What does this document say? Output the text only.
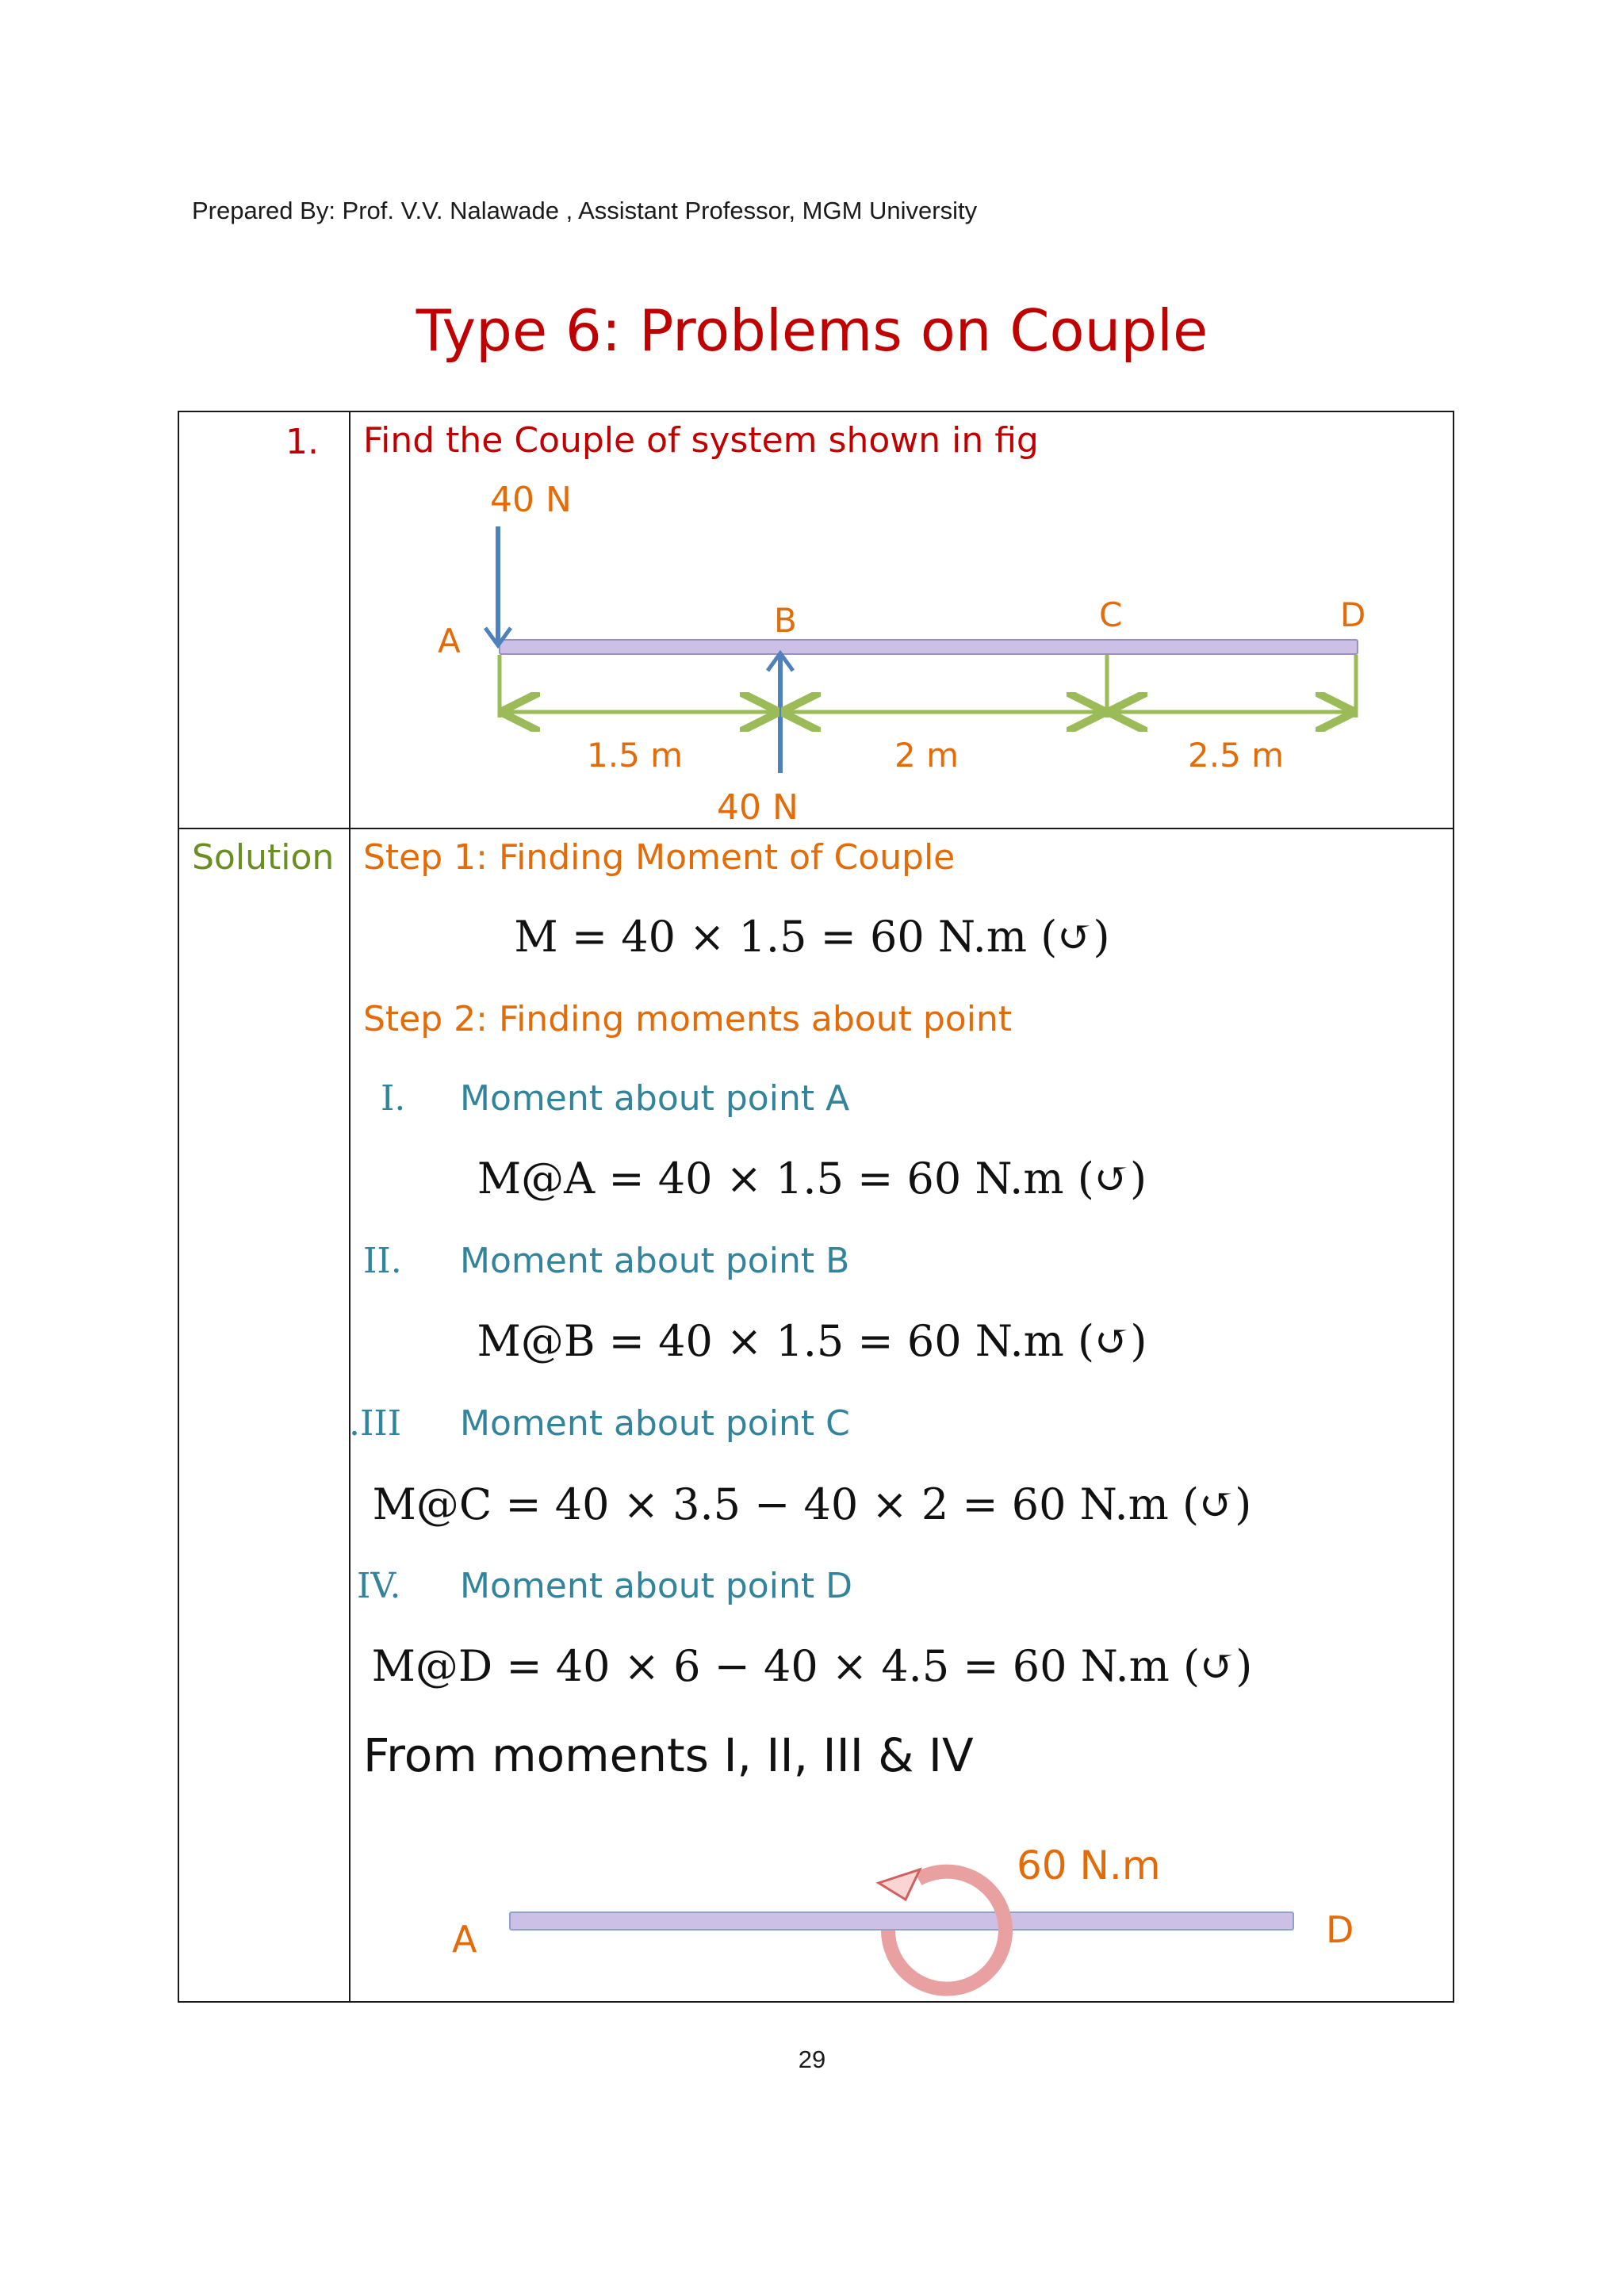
Prepared By: Prof. V.V. Nalawade , Assistant Professor, MGM University
Type 6: Problems on Couple
1. Find the Couple of system shown in fig
40 N
40 N
A
B	C	D
1.5 m	2 m	2.5 m
60 N.m
A	D
Solution Step 1: Finding Moment of Couple
M = 40 × 1.5 = 60 N.m (↺)
Step 2: Finding moments about point
I. Moment about point A
M@A = 40 × 1.5 = 60 N.m (↺)
II. Moment about point B
M@B = 40 × 1.5 = 60 N.m (↺)
III.	Moment about point C
M@C = 40 × 3.5 − 40 × 2 = 60 N.m (↺)
IV. Moment about point D
M@D = 40 × 6 − 40 × 4.5 = 60 N.m (↺)
From moments I, II, III & IV
29
